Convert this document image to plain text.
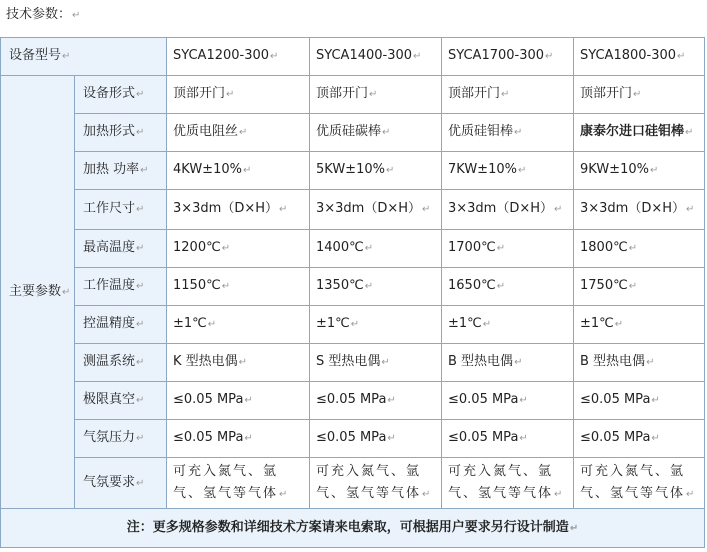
技术参数：↵
设备型号↵		SYCA1200-300↵	SYCA1400-300↵	SYCA1700-300↵	SYCA1800-300↵
主要参数↵	设备形式↵	顶部开门↵	顶部开门↵	顶部开门↵	顶部开门↵
	加热形式↵	优质电阻丝↵	优质硅碳棒↵	优质硅钼棒↵	康泰尔进口硅钼棒↵
	加热 功率↵	4KW±10%↵	5KW±10%↵	7KW±10%↵	9KW±10%↵
	工作尺寸↵	3×3dm（D×H）↵	3×3dm（D×H）↵	3×3dm（D×H）↵	3×3dm（D×H）↵
	最高温度↵	1200℃↵	1400℃↵	1700℃↵	1800℃↵
	工作温度↵	1150℃↵	1350℃↵	1650℃↵	1750℃↵
	控温精度↵	±1℃↵	±1℃↵	±1℃↵	±1℃↵
	测温系统↵	K 型热电偶↵	S 型热电偶↵	B 型热电偶↵	B 型热电偶↵
	极限真空↵	≤0.05 MPa↵	≤0.05 MPa↵	≤0.05 MPa↵	≤0.05 MPa↵
	气氛压力↵	≤0.05 MPa↵	≤0.05 MPa↵	≤0.05 MPa↵	≤0.05 MPa↵
	气氛要求↵	可充入氮气、氩气、氢气等气体↵	可充入氮气、氩气、氢气等气体↵	可充入氮气、氩气、氢气等气体↵	可充入氮气、氩气、氢气等气体↵
注：更多规格参数和详细技术方案请来电索取，可根据用户要求另行设计制造↵					
